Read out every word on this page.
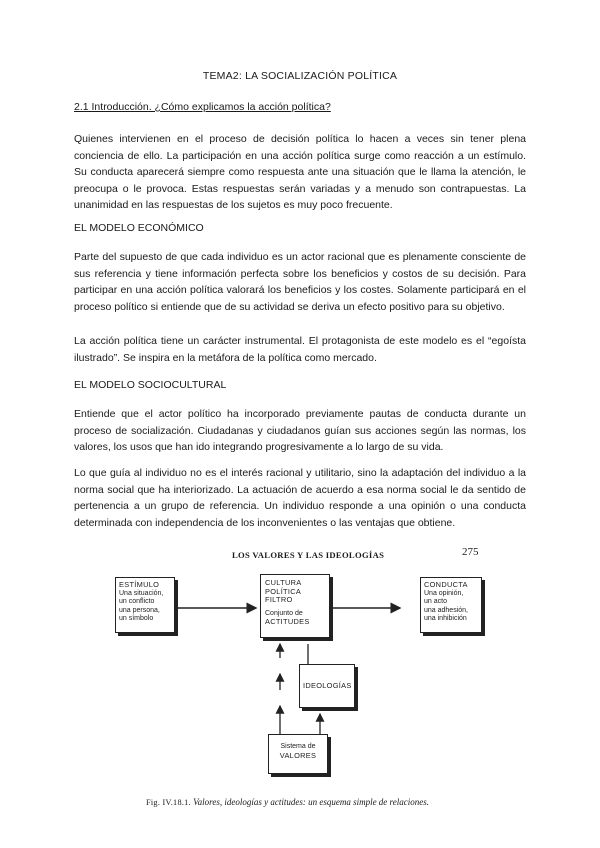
TEMA2: LA SOCIALIZACIÓN POLÍTICA
2.1 Introducción. ¿Cómo explicamos la acción política?

Quienes intervienen en el proceso de decisión política lo hacen a veces sin tener plena conciencia de ello. La participación en una acción política surge como reacción a un estímulo. Su conducta aparecerá siempre como respuesta ante una situación que le llama la atención, le preocupa o le provoca. Estas respuestas serán variadas y a menudo son contrapuestas. La unanimidad en las respuestas de los sujetos es muy poco frecuente.

EL MODELO ECONÓMICO

Parte del supuesto de que cada individuo es un actor racional que es plenamente consciente de sus referencia y tiene información perfecta sobre los beneficios y costos de su decisión. Para participar en una acción política valorará los beneficios y los costes. Solamente participará en el proceso político si entiende que de su actividad se deriva un efecto positivo para su objetivo.

La acción política tiene un carácter instrumental. El protagonista de este modelo es el “egoísta ilustrado”. Se inspira en la metáfora de la política como mercado.

EL MODELO SOCIOCULTURAL

Entiende que el actor político ha incorporado previamente pautas de conducta durante un proceso de socialización. Ciudadanas y ciudadanos guían sus acciones según las normas, los valores, los usos que han ido integrando progresivamente a lo largo de su vida.

Lo que guía al individuo no es el interés racional y utilitario, sino la adaptación del individuo a la norma social que ha interiorizado. La actuación de acuerdo a esa norma social le da sentido de pertenencia a un grupo de referencia. Un individuo responde a una opinión o una conducta determinada con independencia de los inconvenientes o las ventajas que obtiene.

LOS VALORES Y LAS IDEOLOGÍAS	275
ESTÍMULO
Una situación,
un conflicto
una persona,
un símbolo
CULTURA
POLÍTICA
FILTRO
Conjunto de
ACTITUDES
CONDUCTA
Una opinión,
un acto
una adhesión,
una inhibición
IDEOLOGÍAS
Sistema de
VALORES
Fig. IV.18.1. Valores, ideologías y actitudes: un esquema simple de relaciones.
